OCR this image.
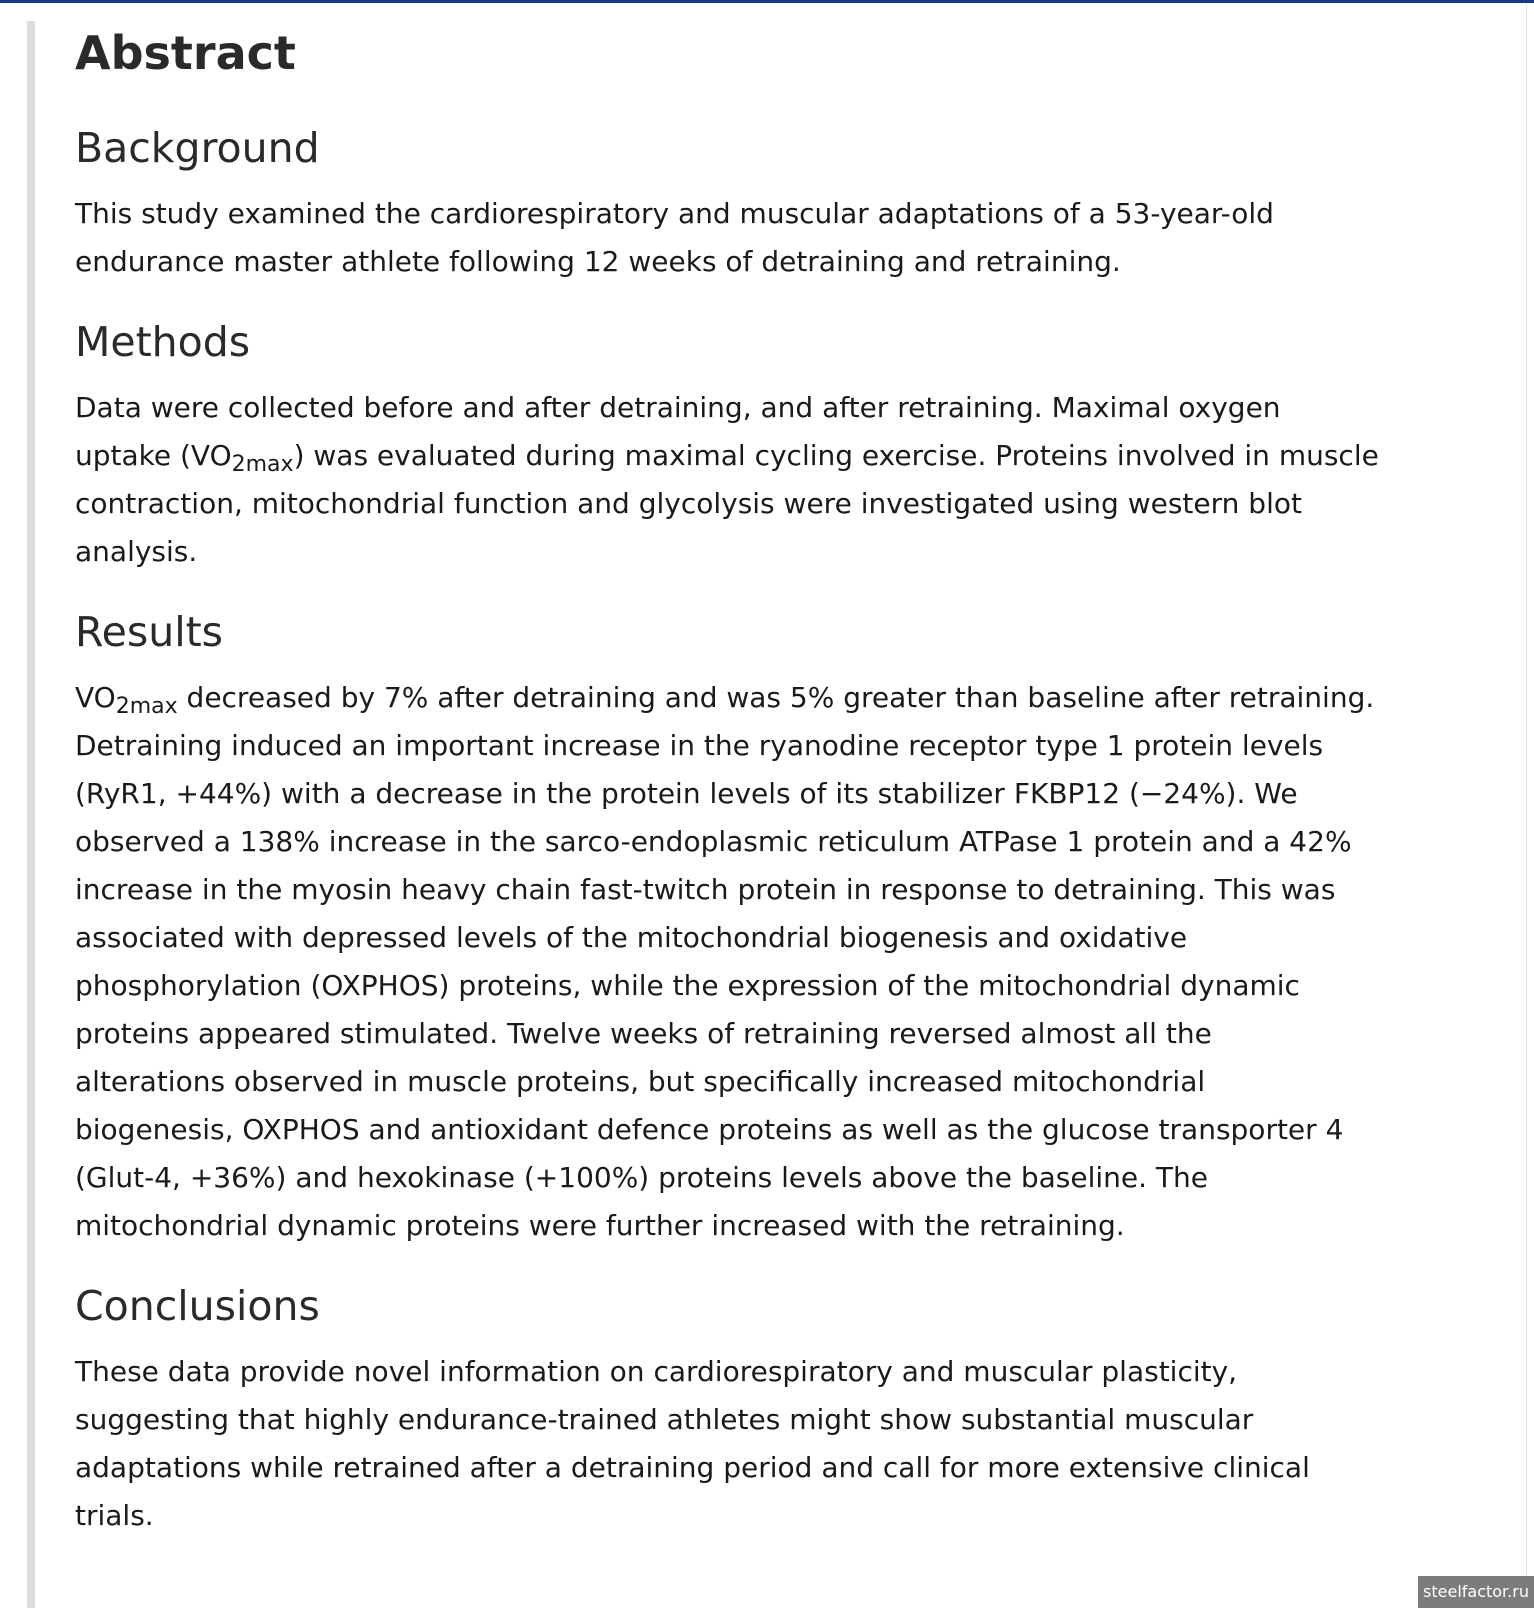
Abstract
Background
This study examined the cardiorespiratory and muscular adaptations of a 53-year-old
endurance master athlete following 12 weeks of detraining and retraining.
Methods
Data were collected before and after detraining, and after retraining. Maximal oxygen
uptake $(VO_{2max})$ was evaluated during maximal cycling exercise. Proteins involved in muscle
contraction, mitochondrial function and glycolysis were investigated using western blot
analysis.
Results
$VO_{2max}$ decreased by 7% after detraining and was 5% greater than baseline after retraining.
Detraining induced an important increase in the ryanodine receptor type 1 protein levels
(RyR1, +44%) with a decrease in the protein levels of its stabilizer FKBP12 (−24%). We
observed a 138% increase in the sarco-endoplasmic reticulum ATPase 1 protein and a 42%
increase in the myosin heavy chain fast-twitch protein in response to detraining. This was
associated with depressed levels of the mitochondrial biogenesis and oxidative
phosphorylation (OXPHOS) proteins, while the expression of the mitochondrial dynamic
proteins appeared stimulated. Twelve weeks of retraining reversed almost all the
alterations observed in muscle proteins, but specifically increased mitochondrial
biogenesis, OXPHOS and antioxidant defence proteins as well as the glucose transporter 4
(Glut-4, +36%) and hexokinase (+100%) proteins levels above the baseline. The
mitochondrial dynamic proteins were further increased with the retraining.
Conclusions
These data provide novel information on cardiorespiratory and muscular plasticity,
suggesting that highly endurance-trained athletes might show substantial muscular
adaptations while retrained after a detraining period and call for more extensive clinical
trials.
steelfactor.ru
